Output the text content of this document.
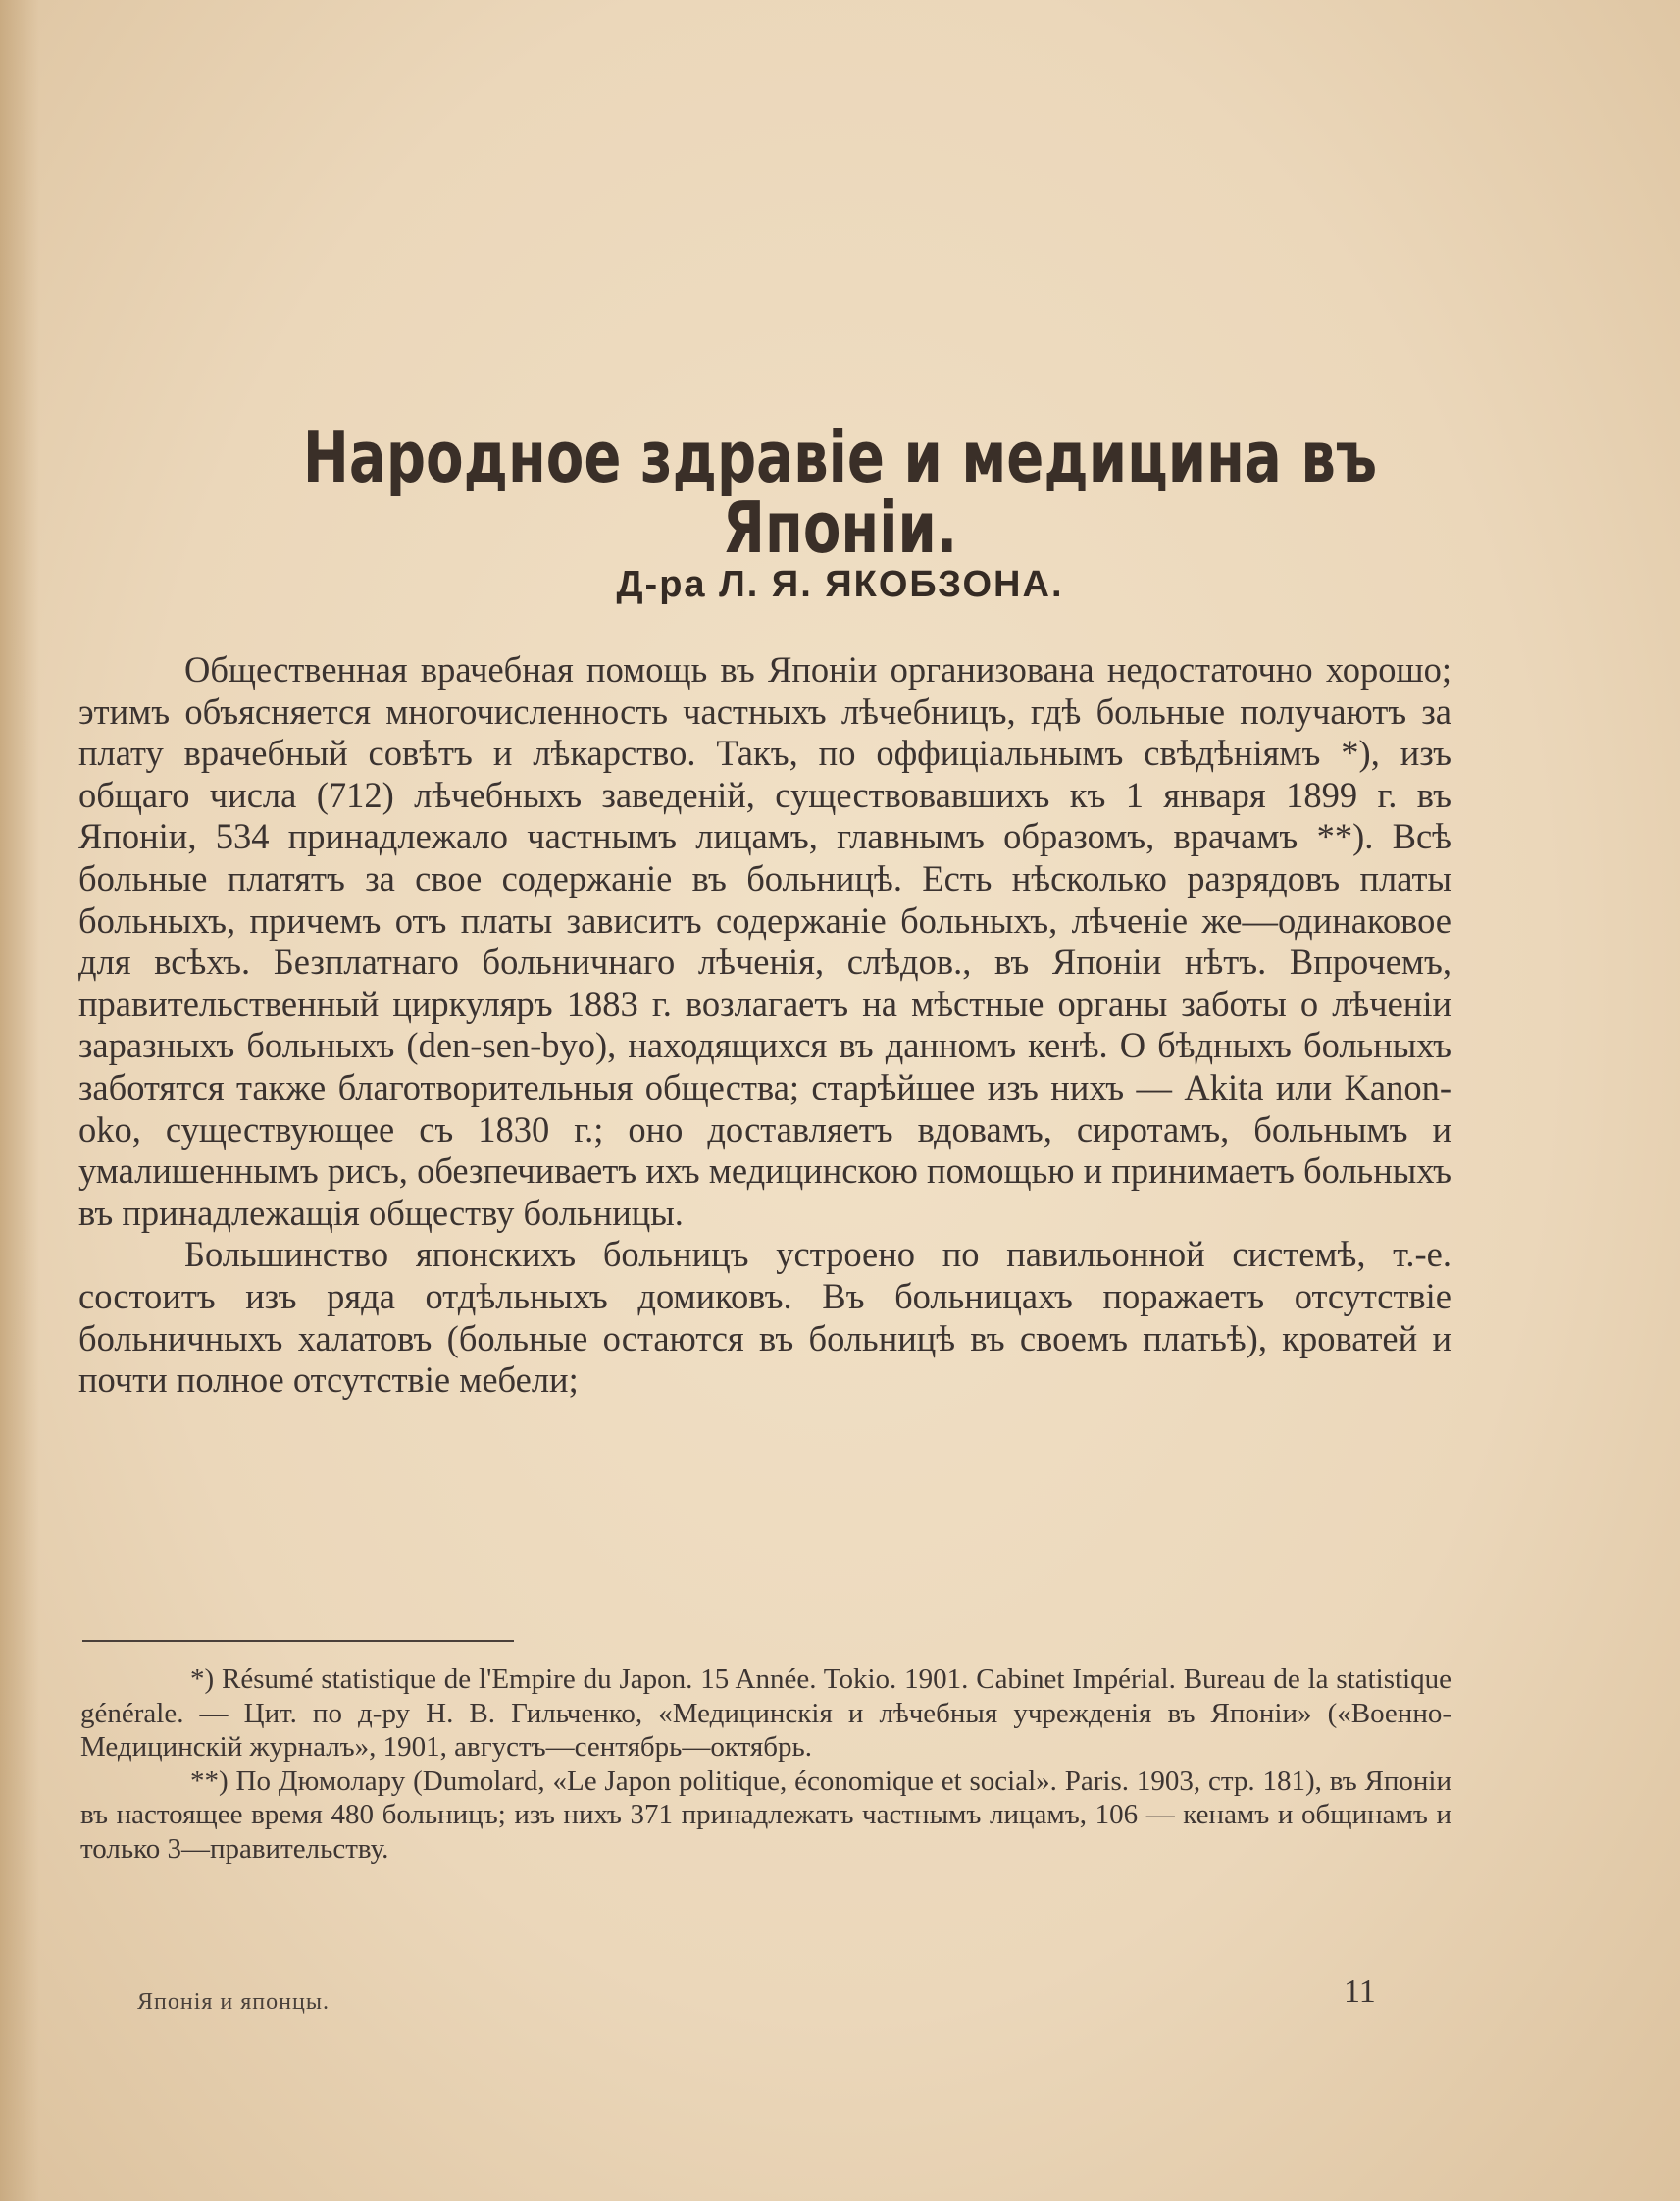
Народное здравіе и медицина въ Японіи.
Д-ра Л. Я. ЯКОБЗОНА.

Общественная врачебная помощь въ Японіи организована недостаточно хорошо; этимъ объясняется многочисленность частныхъ лѣчебницъ, гдѣ больные получаютъ за плату врачебный совѣтъ и лѣкарство. Такъ, по оффиціальнымъ свѣдѣніямъ *), изъ общаго числа (712) лѣчебныхъ заведеній, существовавшихъ къ 1 января 1899 г. въ Японіи, 534 принадлежало частнымъ лицамъ, главнымъ образомъ, врачамъ **). Всѣ больные платятъ за свое содержаніе въ больницѣ. Есть нѣсколько разрядовъ платы больныхъ, причемъ отъ платы зависитъ содержаніе больныхъ, лѣченіе же—одинаковое для всѣхъ. Безплатнаго больничнаго лѣченія, слѣдов., въ Японіи нѣтъ. Впрочемъ, правительственный циркуляръ 1883 г. возлагаетъ на мѣстные органы заботы о лѣченіи заразныхъ больныхъ (den-sen-byo), находящихся въ данномъ кенѣ. О бѣдныхъ больныхъ заботятся также благотворительныя общества; старѣйшее изъ нихъ — Akita или Kanon-oko, существующее съ 1830 г.; оно доставляетъ вдовамъ, сиротамъ, больнымъ и умалишеннымъ рисъ, обезпечиваетъ ихъ медицинскою помощью и принимаетъ больныхъ въ принадлежащія обществу больницы.

Большинство японскихъ больницъ устроено по павильонной системѣ, т.-е. состоитъ изъ ряда отдѣльныхъ домиковъ. Въ больницахъ поражаетъ отсутствіе больничныхъ халатовъ (больные остаются въ больницѣ въ своемъ платьѣ), кроватей и почти полное отсутствіе мебели;

*) Résumé statistique de l'Empire du Japon. 15 Année. Tokio. 1901. Cabinet Impérial. Bureau de la statistique générale. — Цит. по д-ру Н. В. Гильченко, «Медицинскія и лѣчебныя учрежденія въ Японіи» («Военно-Медицинскій журналъ», 1901, августъ—сентябрь—октябрь.

**) По Дюмолару (Dumolard, «Le Japon politique, économique et social». Paris. 1903, стр. 181), въ Японіи въ настоящее время 480 больницъ; изъ нихъ 371 принадлежатъ частнымъ лицамъ, 106 — кенамъ и общинамъ и только 3—правительству.

Японія и японцы.	11
